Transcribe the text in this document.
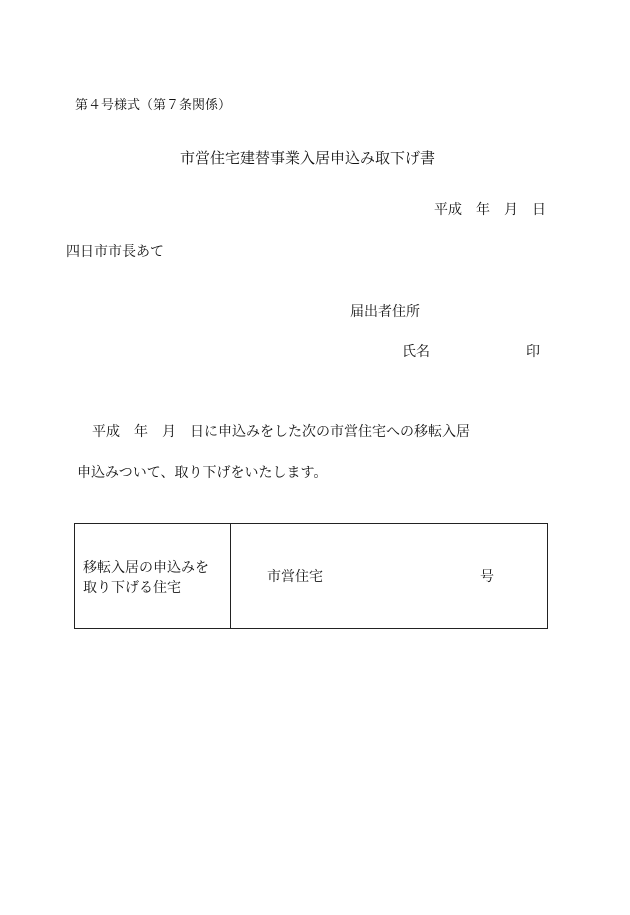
第４号様式（第７条関係）
市営住宅建替事業入居申込み取下げ書
平成　年　月　日
四日市市長あて
届出者住所
氏名	印
平成　年　月　日に申込みをした次の市営住宅への移転入居
申込みついて、取り下げをいたします。
移転入居の申込みを
取り下げる住宅
市営住宅	号
